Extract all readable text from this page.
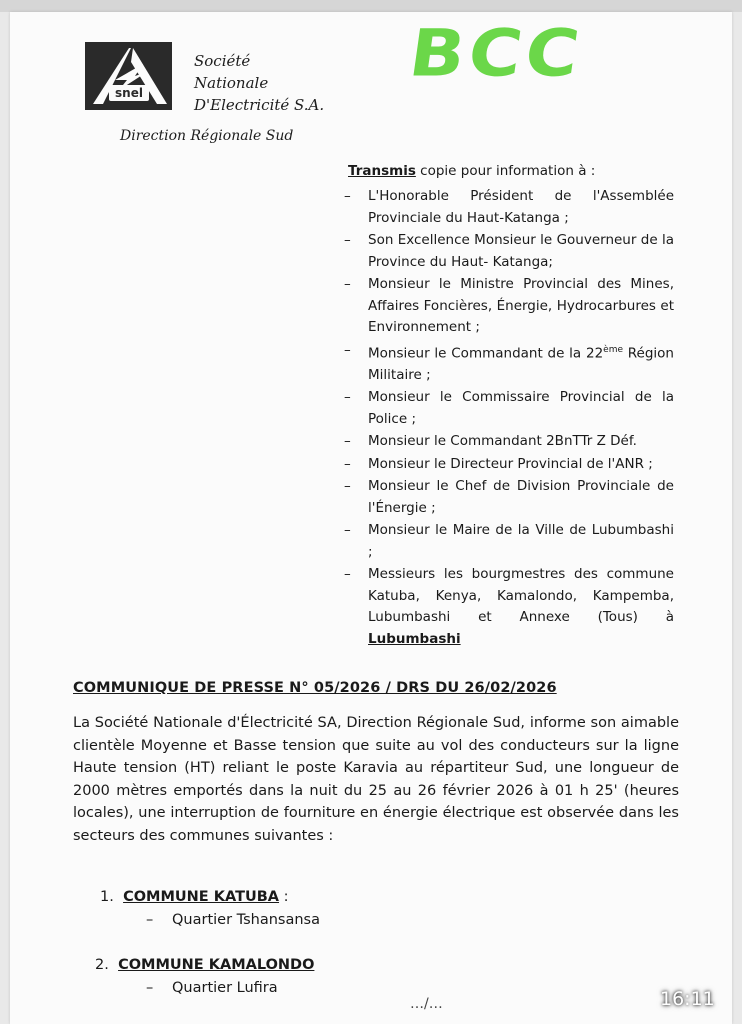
snel
Société
Nationale
D'Electricité S.A.
Direction Régionale Sud
BCC
Transmis copie pour information à :
– L'Honorable Président de l'Assemblée Provinciale du Haut-Katanga ;
– Son Excellence Monsieur le Gouverneur de la Province du Haut- Katanga;
– Monsieur le Ministre Provincial des Mines, Affaires Foncières, Énergie, Hydrocarbures et Environnement ;
– Monsieur le Commandant de la 22ème Région Militaire ;
– Monsieur le Commissaire Provincial de la Police ;
– Monsieur le Commandant 2BnTTr Z Déf.
– Monsieur le Directeur Provincial de l'ANR ;
– Monsieur le Chef de Division Provinciale de l'Énergie ;
– Monsieur le Maire de la Ville de Lubumbashi ;
– Messieurs les bourgmestres des commune Katuba, Kenya, Kamalondo, Kampemba, Lubumbashi et Annexe (Tous) à Lubumbashi
COMMUNIQUE DE PRESSE N° 05/2026 / DRS DU 26/02/2026
La Société Nationale d'Électricité SA, Direction Régionale Sud, informe son aimable clientèle Moyenne et Basse tension que suite au vol des conducteurs sur la ligne Haute tension (HT) reliant le poste Karavia au répartiteur Sud, une longueur de 2000 mètres emportés dans la nuit du 25 au 26 février 2026 à 01 h 25' (heures locales), une interruption de fourniture en énergie électrique est observée dans les secteurs des communes suivantes :
1. COMMUNE KATUBA :
– Quartier Tshansansa
2. COMMUNE KAMALONDO
– Quartier Lufira
…/…	16:11
